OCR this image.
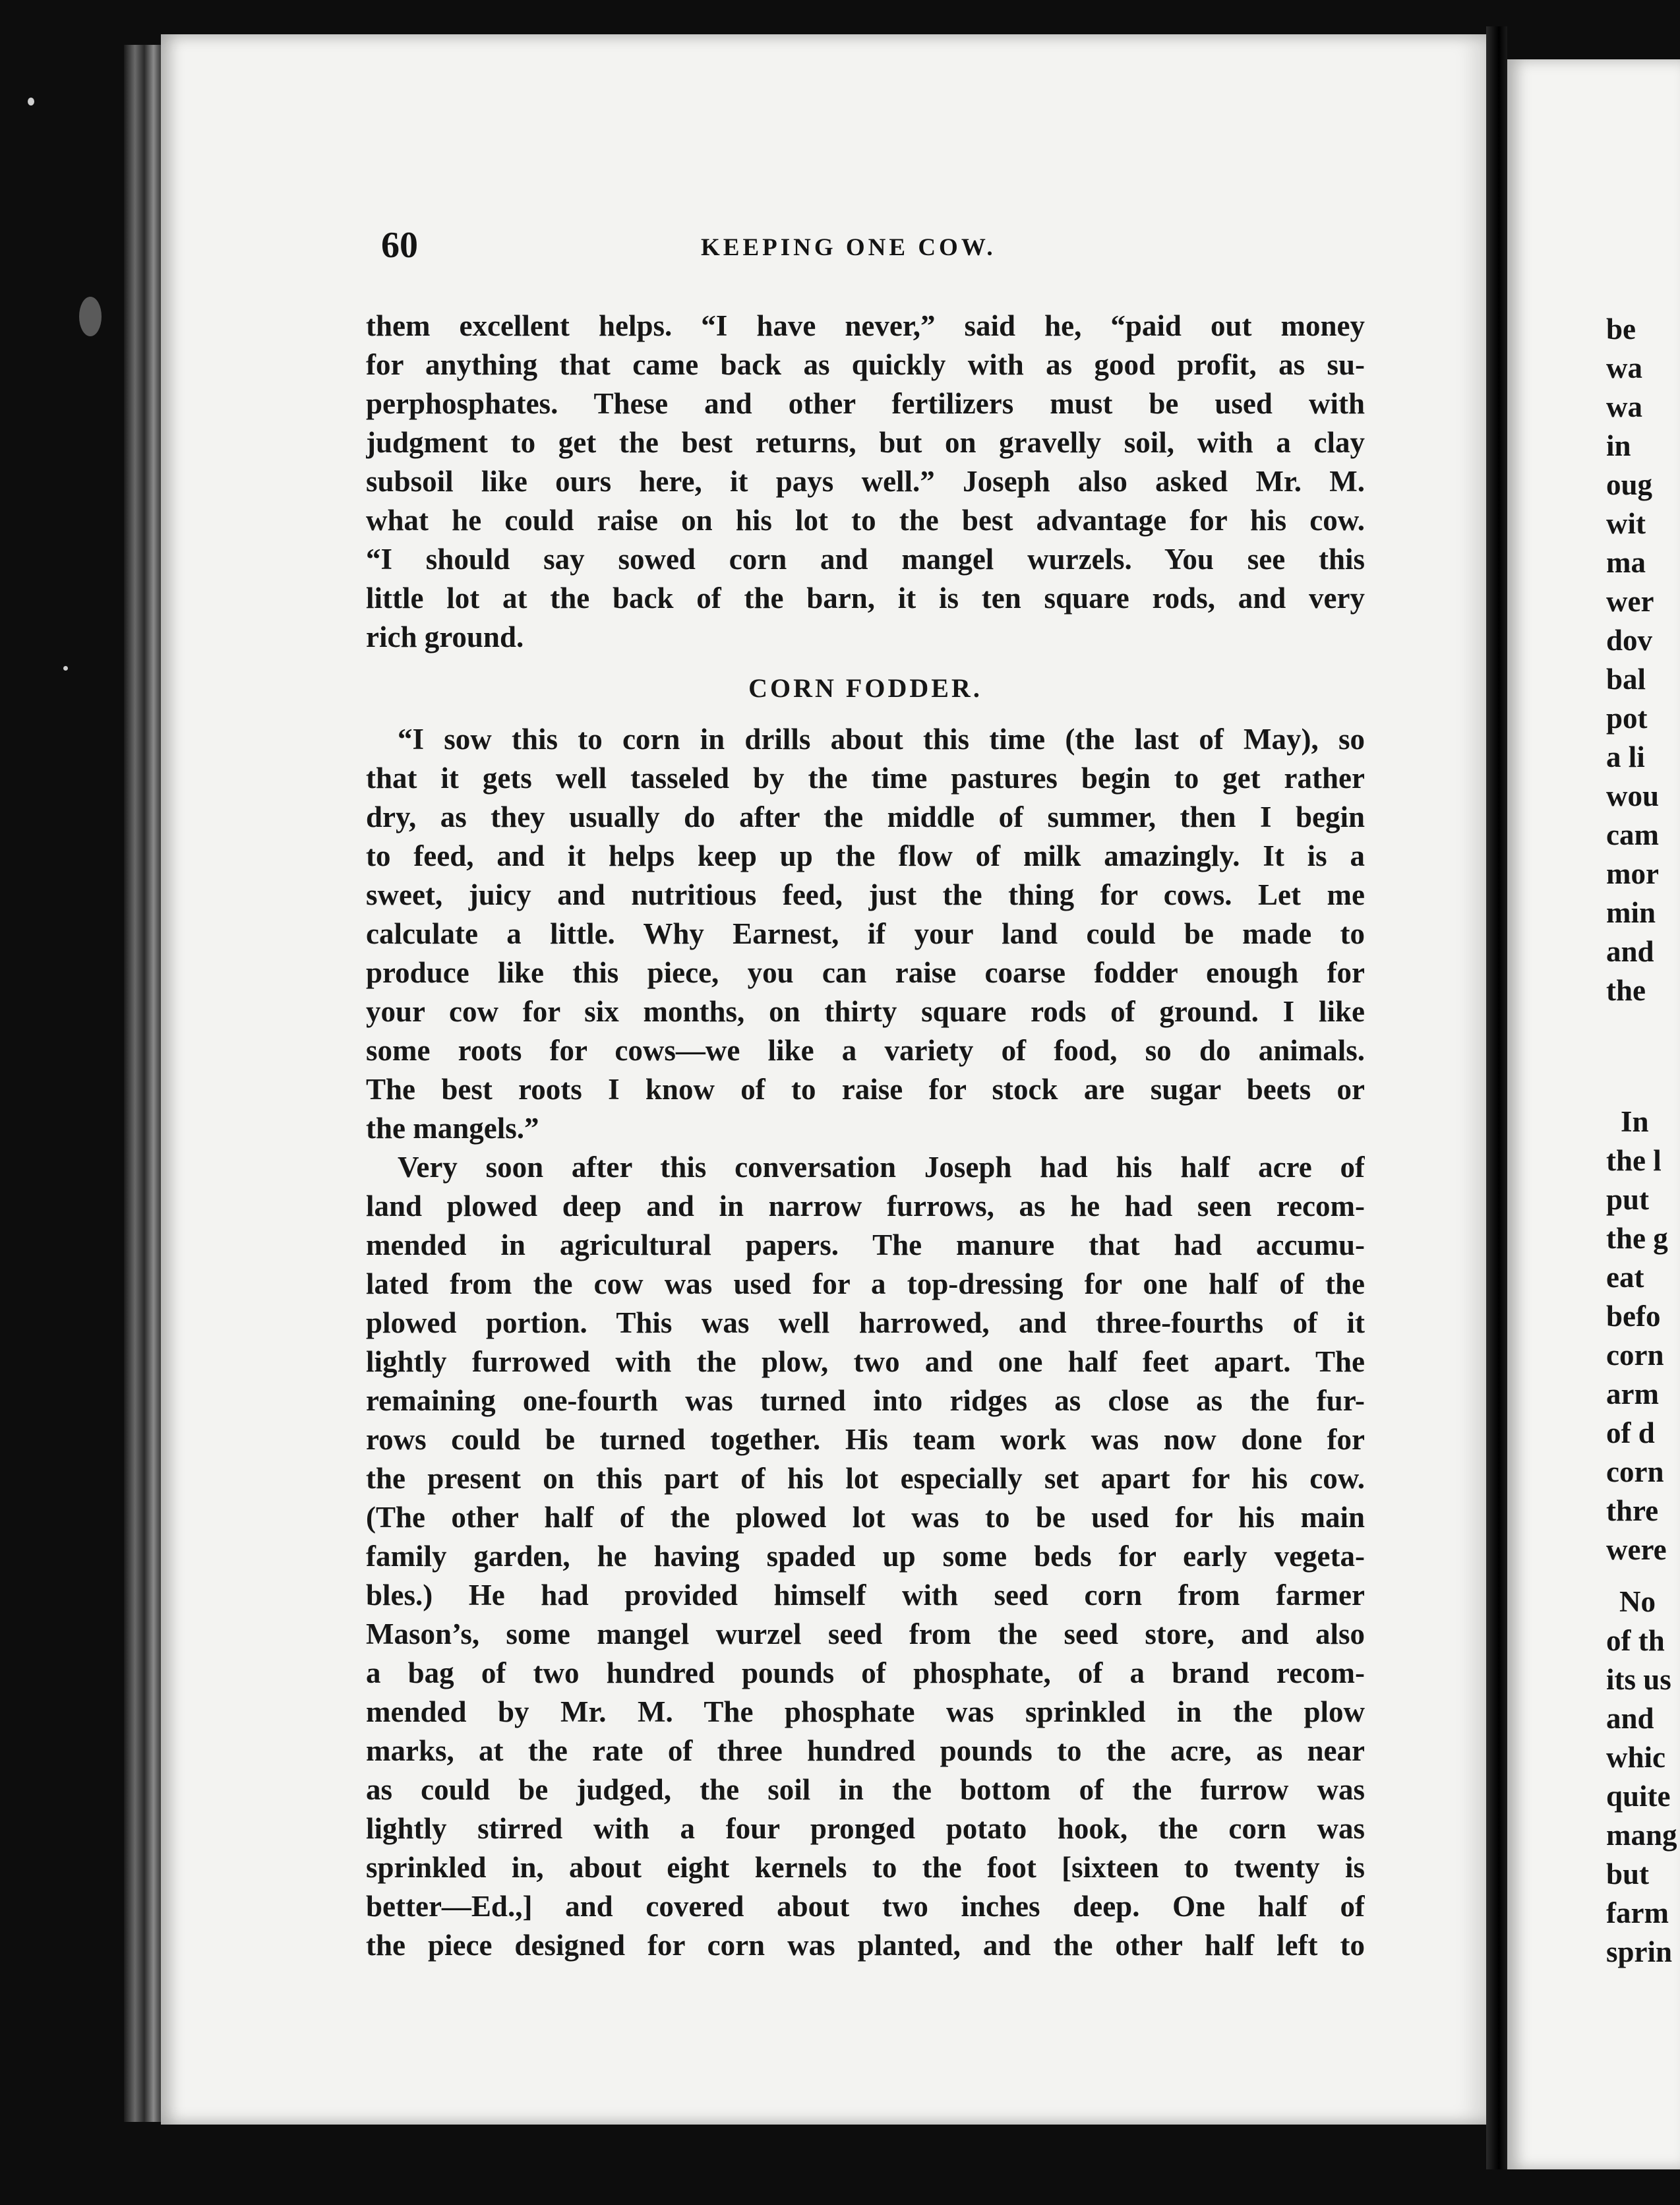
60	KEEPING ONE COW.
them excellent helps. “I have never,” said he, “paid out money
for anything that came back as quickly with as good profit, as su-
perphosphates. These and other fertilizers must be used with
judgment to get the best returns, but on gravelly soil, with a clay
subsoil like ours here, it pays well.” Joseph also asked Mr. M.
what he could raise on his lot to the best advantage for his cow.
“I should say sowed corn and mangel wurzels. You see this
little lot at the back of the barn, it is ten square rods, and very
rich ground.
CORN FODDER.
“I sow this to corn in drills about this time (the last of May), so
that it gets well tasseled by the time pastures begin to get rather
dry, as they usually do after the middle of summer, then I begin
to feed, and it helps keep up the flow of milk amazingly. It is a
sweet, juicy and nutritious feed, just the thing for cows. Let me
calculate a little. Why Earnest, if your land could be made to
produce like this piece, you can raise coarse fodder enough for
your cow for six months, on thirty square rods of ground. I like
some roots for cows—we like a variety of food, so do animals.
The best roots I know of to raise for stock are sugar beets or
the mangels.”
Very soon after this conversation Joseph had his half acre of
land plowed deep and in narrow furrows, as he had seen recom-
mended in agricultural papers. The manure that had accumu-
lated from the cow was used for a top-dressing for one half of the
plowed portion. This was well harrowed, and three-fourths of it
lightly furrowed with the plow, two and one half feet apart. The
remaining one-fourth was turned into ridges as close as the fur-
rows could be turned together. His team work was now done for
the present on this part of his lot especially set apart for his cow.
(The other half of the plowed lot was to be used for his main
family garden, he having spaded up some beds for early vegeta-
bles.) He had provided himself with seed corn from farmer
Mason’s, some mangel wurzel seed from the seed store, and also
a bag of two hundred pounds of phosphate, of a brand recom-
mended by Mr. M. The phosphate was sprinkled in the plow
marks, at the rate of three hundred pounds to the acre, as near
as could be judged, the soil in the bottom of the furrow was
lightly stirred with a four pronged potato hook, the corn was
sprinkled in, about eight kernels to the foot [sixteen to twenty is
better—Ed.,] and covered about two inches deep. One half of
the piece designed for corn was planted, and the other half left to
be
wa
wa
in
oug
wit
ma
wer
dov
bal
pot
a li
wou
cam
mor
min
and
the
In
the l
put
the g
eat
befo
corn
arm
of d
corn
thre
were
No
of th
its us
and
whic
quite
mang
but
farm
sprin
